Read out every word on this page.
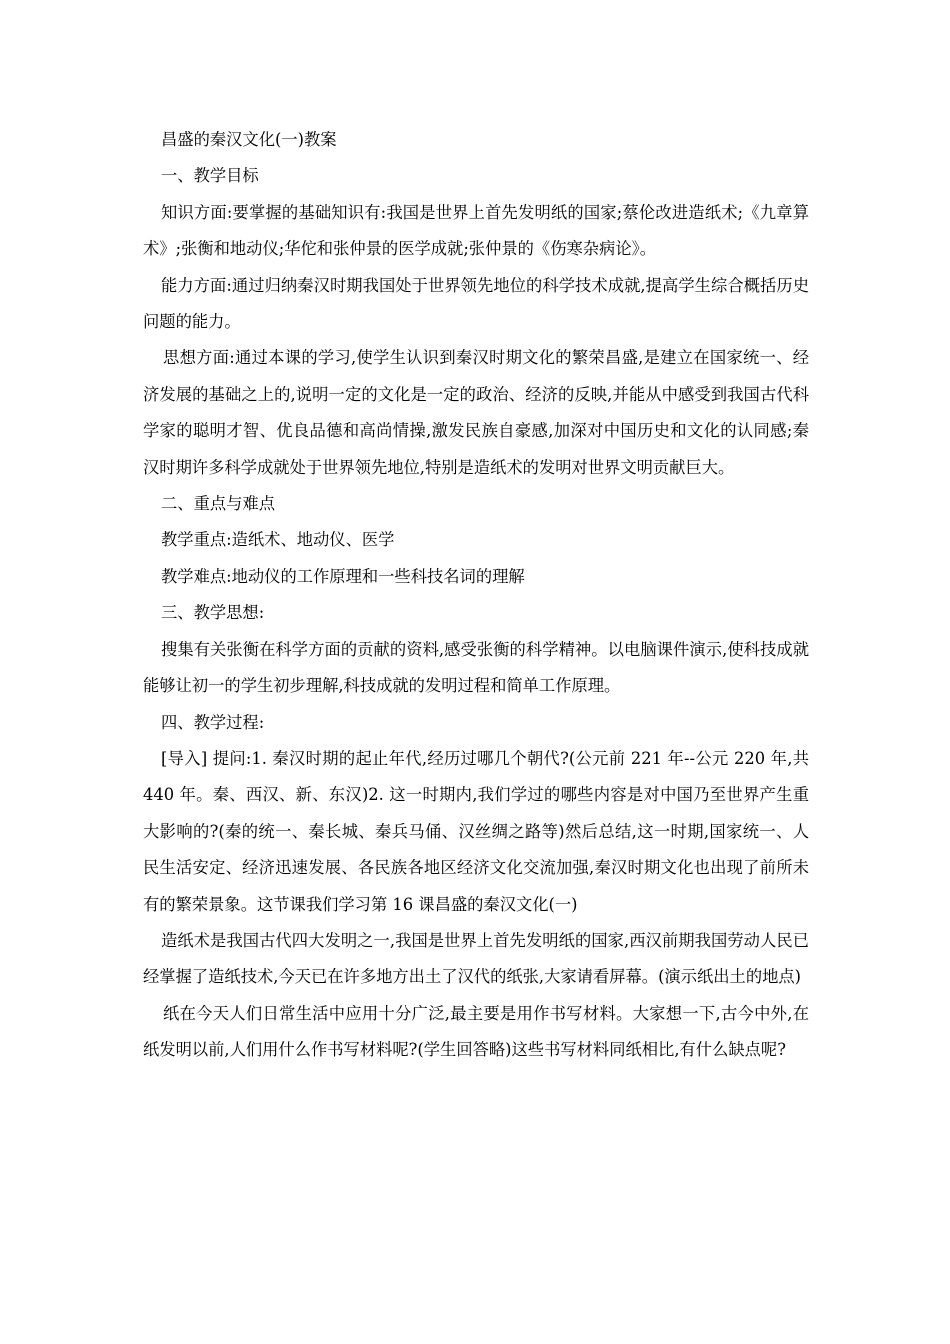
昌盛的秦汉文化(一)教案

一、教学目标

知识方面:要掌握的基础知识有:我国是世界上首先发明纸的国家;蔡伦改进造纸术;《九章算术》;张衡和地动仪;华佗和张仲景的医学成就;张仲景的《伤寒杂病论》。

能力方面:通过归纳秦汉时期我国处于世界领先地位的科学技术成就,提高学生综合概括历史问题的能力。

思想方面:通过本课的学习,使学生认识到秦汉时期文化的繁荣昌盛,是建立在国家统一、经济发展的基础之上的,说明一定的文化是一定的政治、经济的反映,并能从中感受到我国古代科学家的聪明才智、优良品德和高尚情操,激发民族自豪感,加深对中国历史和文化的认同感;秦汉时期许多科学成就处于世界领先地位,特别是造纸术的发明对世界文明贡献巨大。

二、重点与难点

教学重点:造纸术、地动仪、医学

教学难点:地动仪的工作原理和一些科技名词的理解

三、教学思想:

搜集有关张衡在科学方面的贡献的资料,感受张衡的科学精神。以电脑课件演示,使科技成就能够让初一的学生初步理解,科技成就的发明过程和简单工作原理。

四、教学过程:

[导入] 提问:1. 秦汉时期的起止年代,经历过哪几个朝代?(公元前 221 年--公元 220 年,共 440 年。秦、西汉、新、东汉)2. 这一时期内,我们学过的哪些内容是对中国乃至世界产生重大影响的?(秦的统一、秦长城、秦兵马俑、汉丝绸之路等)然后总结,这一时期,国家统一、人民生活安定、经济迅速发展、各民族各地区经济文化交流加强,秦汉时期文化也出现了前所未有的繁荣景象。这节课我们学习第 16 课昌盛的秦汉文化(一)

造纸术是我国古代四大发明之一,我国是世界上首先发明纸的国家,西汉前期我国劳动人民已经掌握了造纸技术,今天已在许多地方出土了汉代的纸张,大家请看屏幕。(演示纸出土的地点)

纸在今天人们日常生活中应用十分广泛,最主要是用作书写材料。大家想一下,古今中外,在纸发明以前,人们用什么作书写材料呢?(学生回答略)这些书写材料同纸相比,有什么缺点呢?
